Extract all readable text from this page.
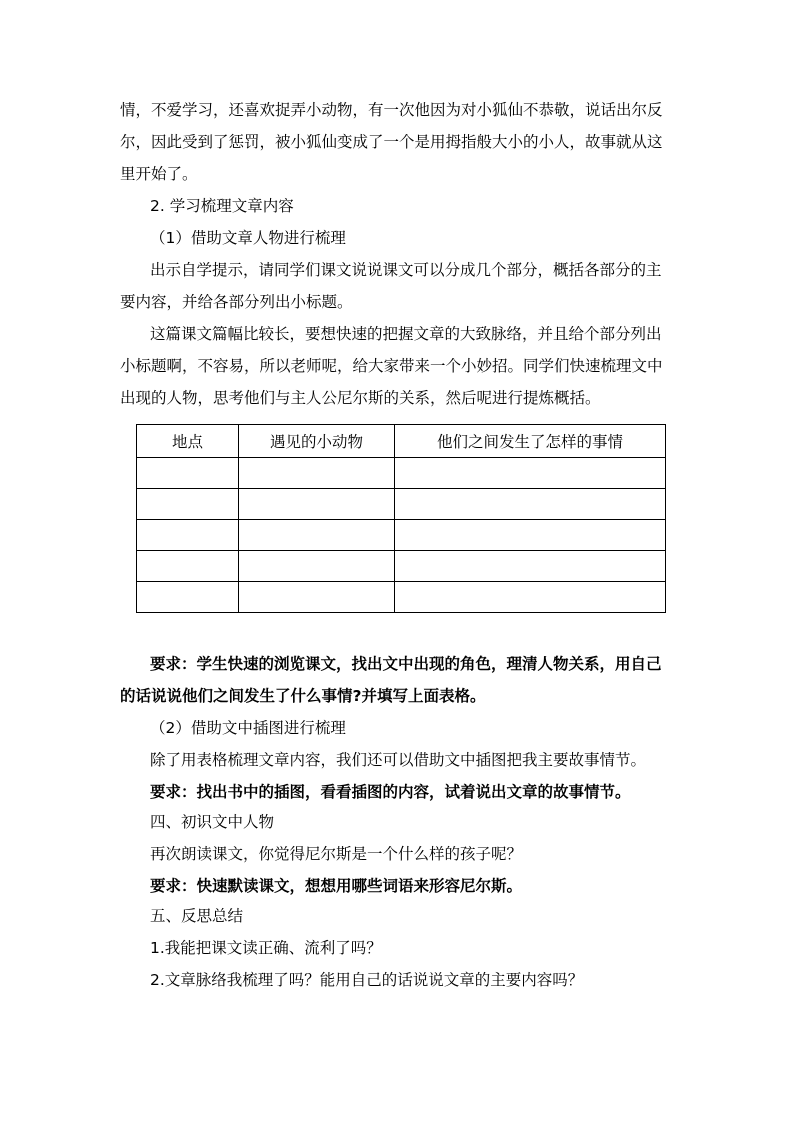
情，不爱学习，还喜欢捉弄小动物，有一次他因为对小狐仙不恭敬，说话出尔反
尔，因此受到了惩罚，被小狐仙变成了一个是用拇指般大小的小人，故事就从这
里开始了。
2. 学习梳理文章内容
（1）借助文章人物进行梳理
出示自学提示，请同学们课文说说课文可以分成几个部分，概括各部分的主
要内容，并给各部分列出小标题。
这篇课文篇幅比较长，要想快速的把握文章的大致脉络，并且给个部分列出
小标题啊，不容易，所以老师呢，给大家带来一个小妙招。同学们快速梳理文中
出现的人物，思考他们与主人公尼尔斯的关系，然后呢进行提炼概括。
地点	遇见的小动物	他们之间发生了怎样的事情

要求：学生快速的浏览课文，找出文中出现的角色，理清人物关系，用自己
的话说说他们之间发生了什么事情?并填写上面表格。
（2）借助文中插图进行梳理
除了用表格梳理文章内容，我们还可以借助文中插图把我主要故事情节。
要求：找出书中的插图，看看插图的内容，试着说出文章的故事情节。
四、初识文中人物
再次朗读课文，你觉得尼尔斯是一个什么样的孩子呢？
要求：快速默读课文，想想用哪些词语来形容尼尔斯。
五、反思总结
1.我能把课文读正确、流利了吗？
2.文章脉络我梳理了吗？能用自己的话说说文章的主要内容吗？
